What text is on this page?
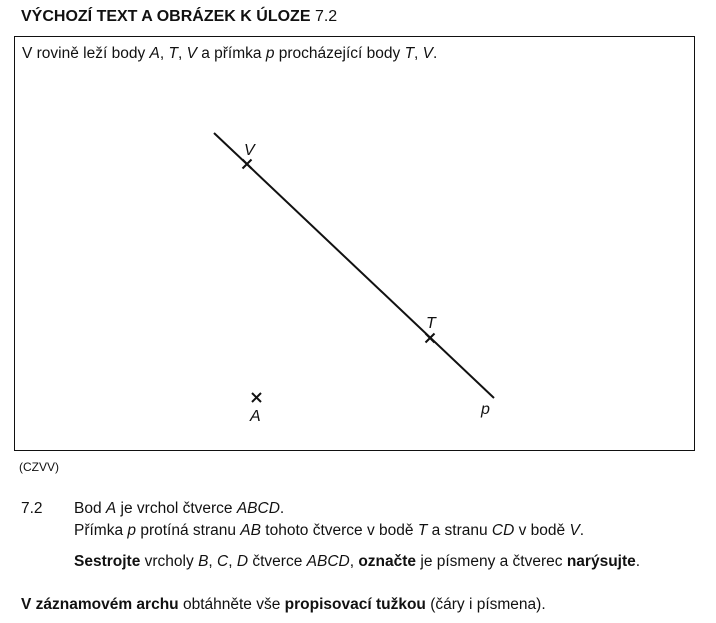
VÝCHOZÍ TEXT A OBRÁZEK K ÚLOZE 7.2
V rovině leží body A, T, V a přímka p procházející body T, V.
V
T
A	p
(CZVV)
7.2 Bod A je vrchol čtverce ABCD.
Přímka p protíná stranu AB tohoto čtverce v bodě T a stranu CD v bodě V.
Sestrojte vrcholy B, C, D čtverce ABCD, označte je písmeny a čtverec narýsujte.
V záznamovém archu obtáhněte vše propisovací tužkou (čáry i písmena).
